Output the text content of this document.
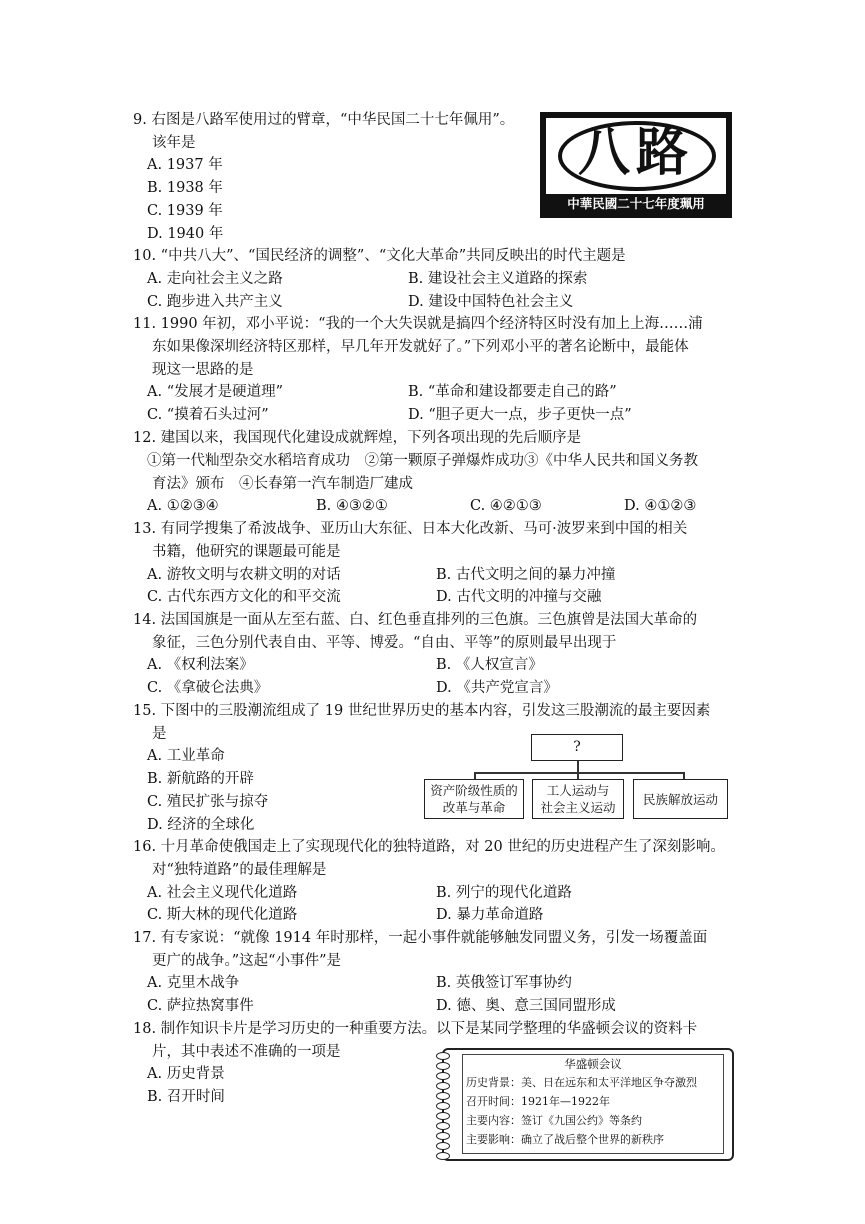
9. 右图是八路军使用过的臂章，“中华民国二十七年佩用”。
该年是
A. 1937 年
B. 1938 年
C. 1939 年
D. 1940 年
八路
中華民國二十七年度珮用
10. “中共八大”、“国民经济的调整”、“文化大革命”共同反映出的时代主题是
A. 走向社会主义之路	B. 建设社会主义道路的探索
C. 跑步进入共产主义	D. 建设中国特色社会主义
11. 1990 年初，邓小平说：“我的一个大失误就是搞四个经济特区时没有加上上海……浦
东如果像深圳经济特区那样，早几年开发就好了。”下列邓小平的著名论断中，最能体
现这一思路的是
A. “发展才是硬道理”	B. “革命和建设都要走自己的路”
C. “摸着石头过河”	D. “胆子更大一点，步子更快一点”
12. 建国以来，我国现代化建设成就辉煌，下列各项出现的先后顺序是
①第一代籼型杂交水稻培育成功　②第一颗原子弹爆炸成功③《中华人民共和国义务教
育法》颁布　④长春第一汽车制造厂建成
A. ①②③④	B. ④③②①	C. ④②①③	D. ④①②③
13. 有同学搜集了希波战争、亚历山大东征、日本大化改新、马可·波罗来到中国的相关
书籍，他研究的课题最可能是
A. 游牧文明与农耕文明的对话	B. 古代文明之间的暴力冲撞
C. 古代东西方文化的和平交流	D. 古代文明的冲撞与交融
14. 法国国旗是一面从左至右蓝、白、红色垂直排列的三色旗。三色旗曾是法国大革命的
象征，三色分别代表自由、平等、博爱。“自由、平等”的原则最早出现于
A. 《权利法案》	B. 《人权宣言》
C. 《拿破仑法典》	D. 《共产党宣言》
15. 下图中的三股潮流组成了 19 世纪世界历史的基本内容，引发这三股潮流的最主要因素
是
A. 工业革命
B. 新航路的开辟
C. 殖民扩张与掠夺
D. 经济的全球化
?
资产阶级性质的
改革与革命
工人运动与
社会主义运动
民族解放运动
16. 十月革命使俄国走上了实现现代化的独特道路，对 20 世纪的历史进程产生了深刻影响。
对“独特道路”的最佳理解是
A. 社会主义现代化道路	B. 列宁的现代化道路
C. 斯大林的现代化道路	D. 暴力革命道路
17. 有专家说：“就像 1914 年时那样，一起小事件就能够触发同盟义务，引发一场覆盖面
更广的战争。”这起“小事件”是
A. 克里木战争	B. 英俄签订军事协约
C. 萨拉热窝事件	D. 德、奥、意三国同盟形成
18. 制作知识卡片是学习历史的一种重要方法。以下是某同学整理的华盛顿会议的资料卡
片，其中表述不准确的一项是
A. 历史背景
B. 召开时间
华盛顿会议
历史背景：美、日在远东和太平洋地区争夺激烈
召开时间：1921年—1922年
主要内容：签订《九国公约》等条约
主要影响：确立了战后整个世界的新秩序
